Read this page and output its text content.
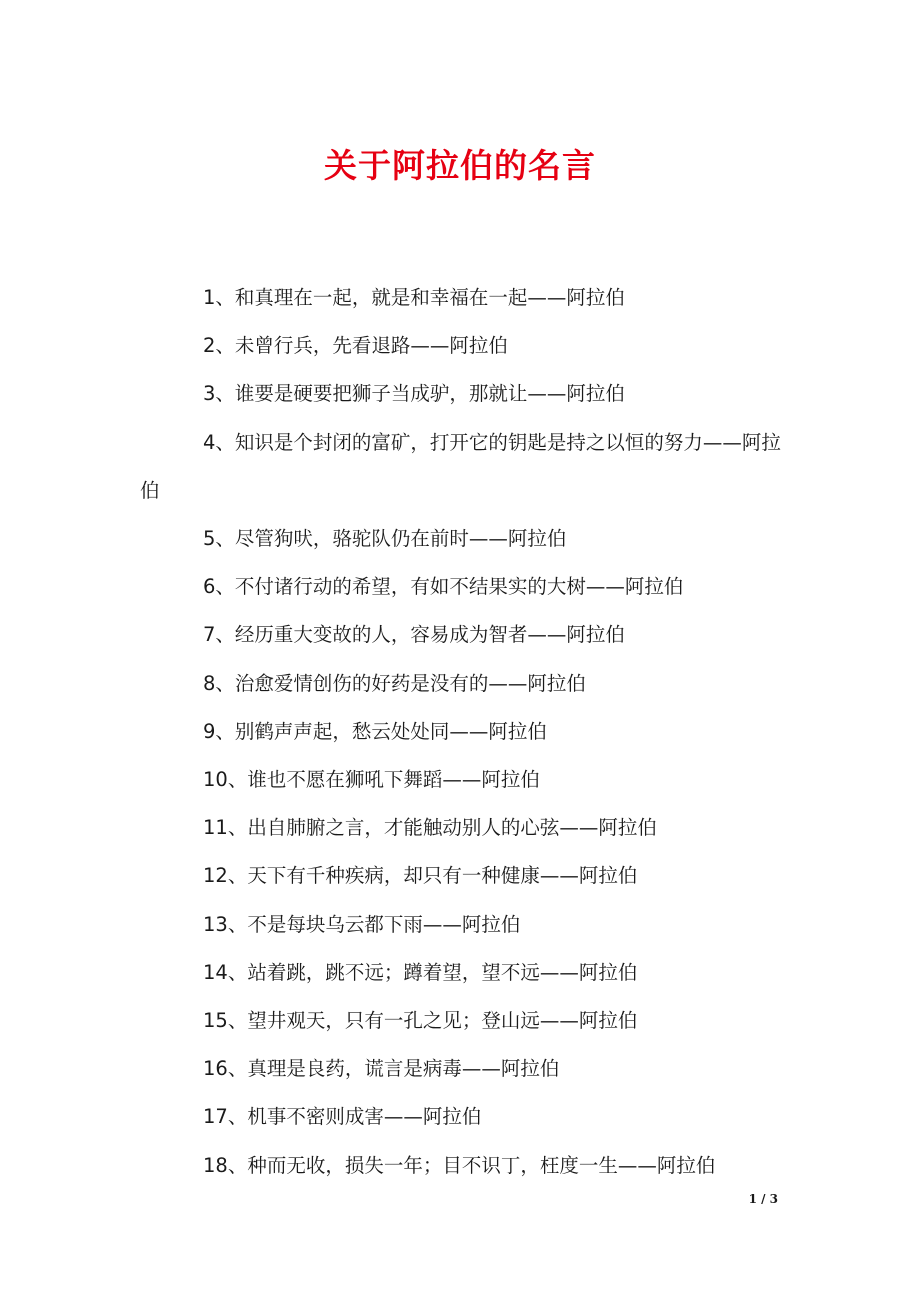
关于阿拉伯的名言

1、和真理在一起，就是和幸福在一起——阿拉伯

2、未曾行兵，先看退路——阿拉伯

3、谁要是硬要把狮子当成驴，那就让——阿拉伯

4、知识是个封闭的富矿，打开它的钥匙是持之以恒的努力——阿拉伯

5、尽管狗吠，骆驼队仍在前时——阿拉伯

6、不付诸行动的希望，有如不结果实的大树——阿拉伯

7、经历重大变故的人，容易成为智者——阿拉伯

8、治愈爱情创伤的好药是没有的——阿拉伯

9、别鹤声声起，愁云处处同——阿拉伯

10、谁也不愿在狮吼下舞蹈——阿拉伯

11、出自肺腑之言，才能触动别人的心弦——阿拉伯

12、天下有千种疾病，却只有一种健康——阿拉伯

13、不是每块乌云都下雨——阿拉伯

14、站着跳，跳不远；蹲着望，望不远——阿拉伯

15、望井观天，只有一孔之见；登山远——阿拉伯

16、真理是良药，谎言是病毒——阿拉伯

17、机事不密则成害——阿拉伯

18、种而无收，损失一年；目不识丁，枉度一生——阿拉伯

1 / 3
